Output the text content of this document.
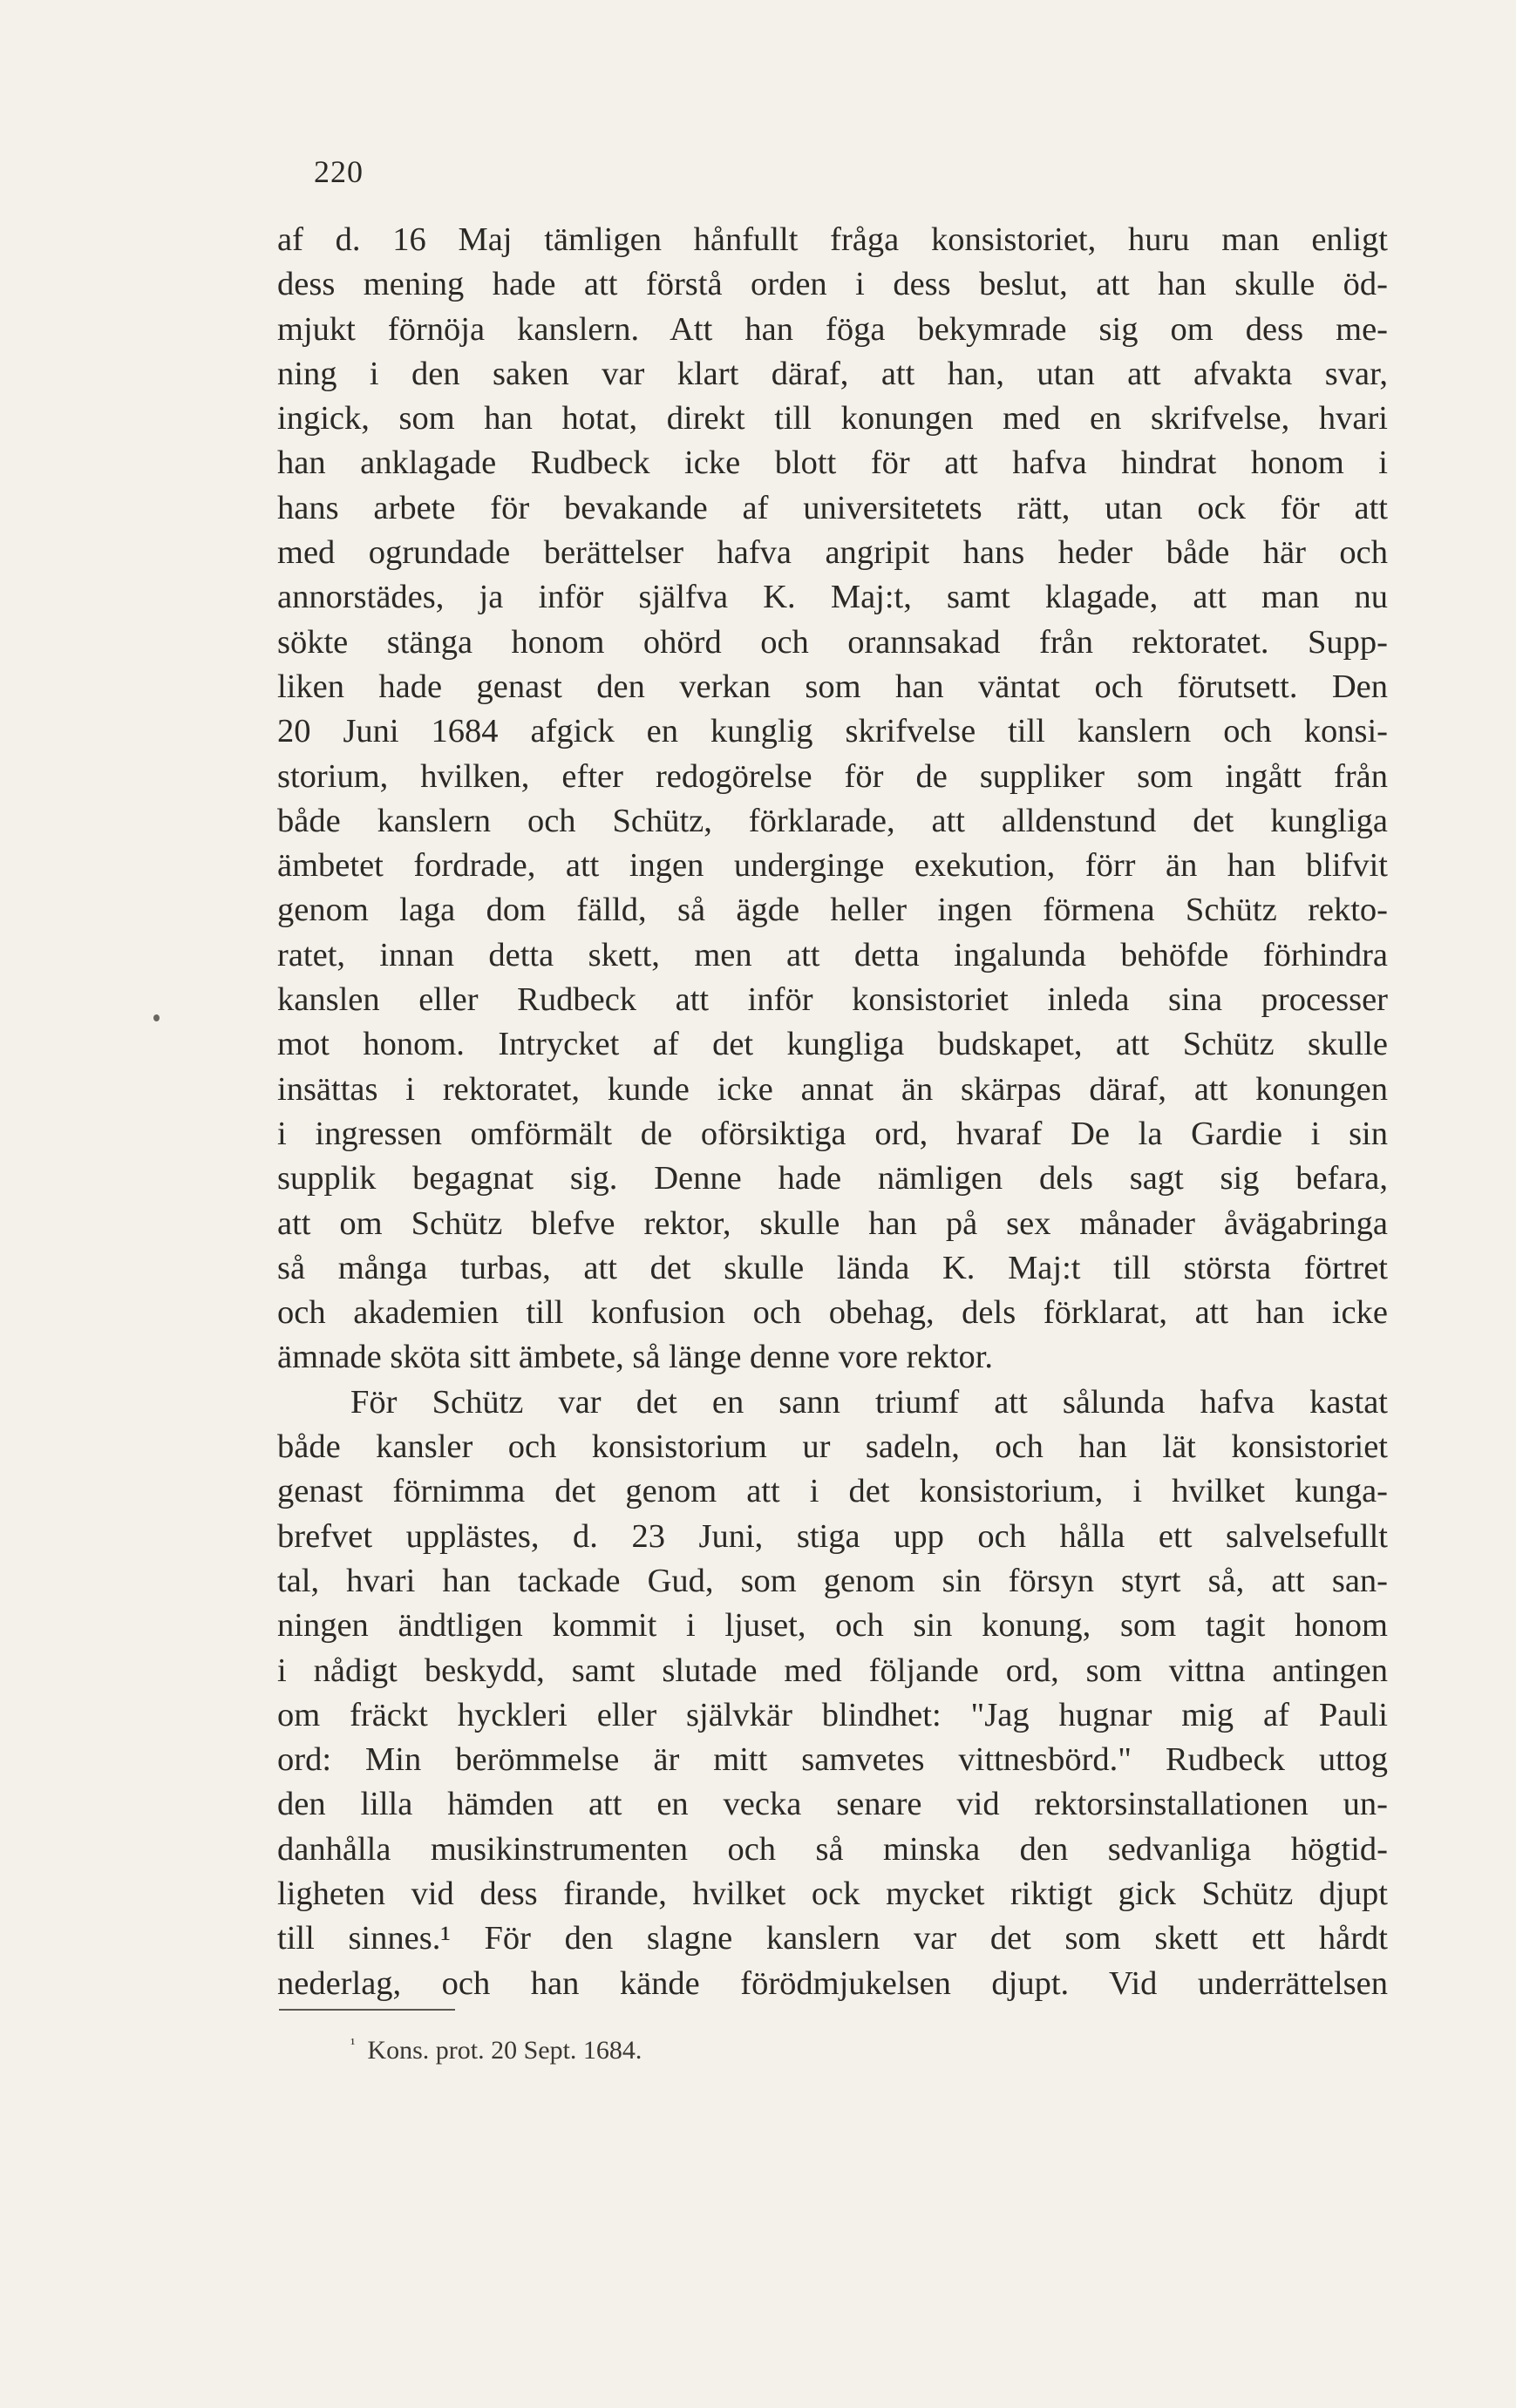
220
af d. 16 Maj tämligen hånfullt fråga konsistoriet, huru man enligt
dess mening hade att förstå orden i dess beslut, att han skulle öd-
mjukt förnöja kanslern. Att han föga bekymrade sig om dess me-
ning i den saken var klart däraf, att han, utan att afvakta svar,
ingick, som han hotat, direkt till konungen med en skrifvelse, hvari
han anklagade Rudbeck icke blott för att hafva hindrat honom i
hans arbete för bevakande af universitetets rätt, utan ock för att
med ogrundade berättelser hafva angripit hans heder både här och
annorstädes, ja inför själfva K. Maj:t, samt klagade, att man nu
sökte stänga honom ohörd och orannsakad från rektoratet. Supp-
liken hade genast den verkan som han väntat och förutsett. Den
20 Juni 1684 afgick en kunglig skrifvelse till kanslern och konsi-
storium, hvilken, efter redogörelse för de suppliker som ingått från
både kanslern och Schütz, förklarade, att alldenstund det kungliga
ämbetet fordrade, att ingen underginge exekution, förr än han blifvit
genom laga dom fälld, så ägde heller ingen förmena Schütz rekto-
ratet, innan detta skett, men att detta ingalunda behöfde förhindra
kanslen eller Rudbeck att inför konsistoriet inleda sina processer
mot honom. Intrycket af det kungliga budskapet, att Schütz skulle
insättas i rektoratet, kunde icke annat än skärpas däraf, att konungen
i ingressen omförmält de oförsiktiga ord, hvaraf De la Gardie i sin
supplik begagnat sig. Denne hade nämligen dels sagt sig befara,
att om Schütz blefve rektor, skulle han på sex månader åvägabringa
så många turbas, att det skulle lända K. Maj:t till största förtret
och akademien till konfusion och obehag, dels förklarat, att han icke
ämnade sköta sitt ämbete, så länge denne vore rektor.
För Schütz var det en sann triumf att sålunda hafva kastat
både kansler och konsistorium ur sadeln, och han lät konsistoriet
genast förnimma det genom att i det konsistorium, i hvilket kunga-
brefvet upplästes, d. 23 Juni, stiga upp och hålla ett salvelsefullt
tal, hvari han tackade Gud, som genom sin försyn styrt så, att san-
ningen ändtligen kommit i ljuset, och sin konung, som tagit honom
i nådigt beskydd, samt slutade med följande ord, som vittna antingen
om fräckt hyckleri eller självkär blindhet: "Jag hugnar mig af Pauli
ord: Min berömmelse är mitt samvetes vittnesbörd." Rudbeck uttog
den lilla hämden att en vecka senare vid rektorsinstallationen un-
danhålla musikinstrumenten och så minska den sedvanliga högtid-
ligheten vid dess firande, hvilket ock mycket riktigt gick Schütz djupt
till sinnes.¹ För den slagne kanslern var det som skett ett hårdt
nederlag, och han kände förödmjukelsen djupt. Vid underrättelsen
$^{^1}$ Kons. prot. 20 Sept. 1684.
